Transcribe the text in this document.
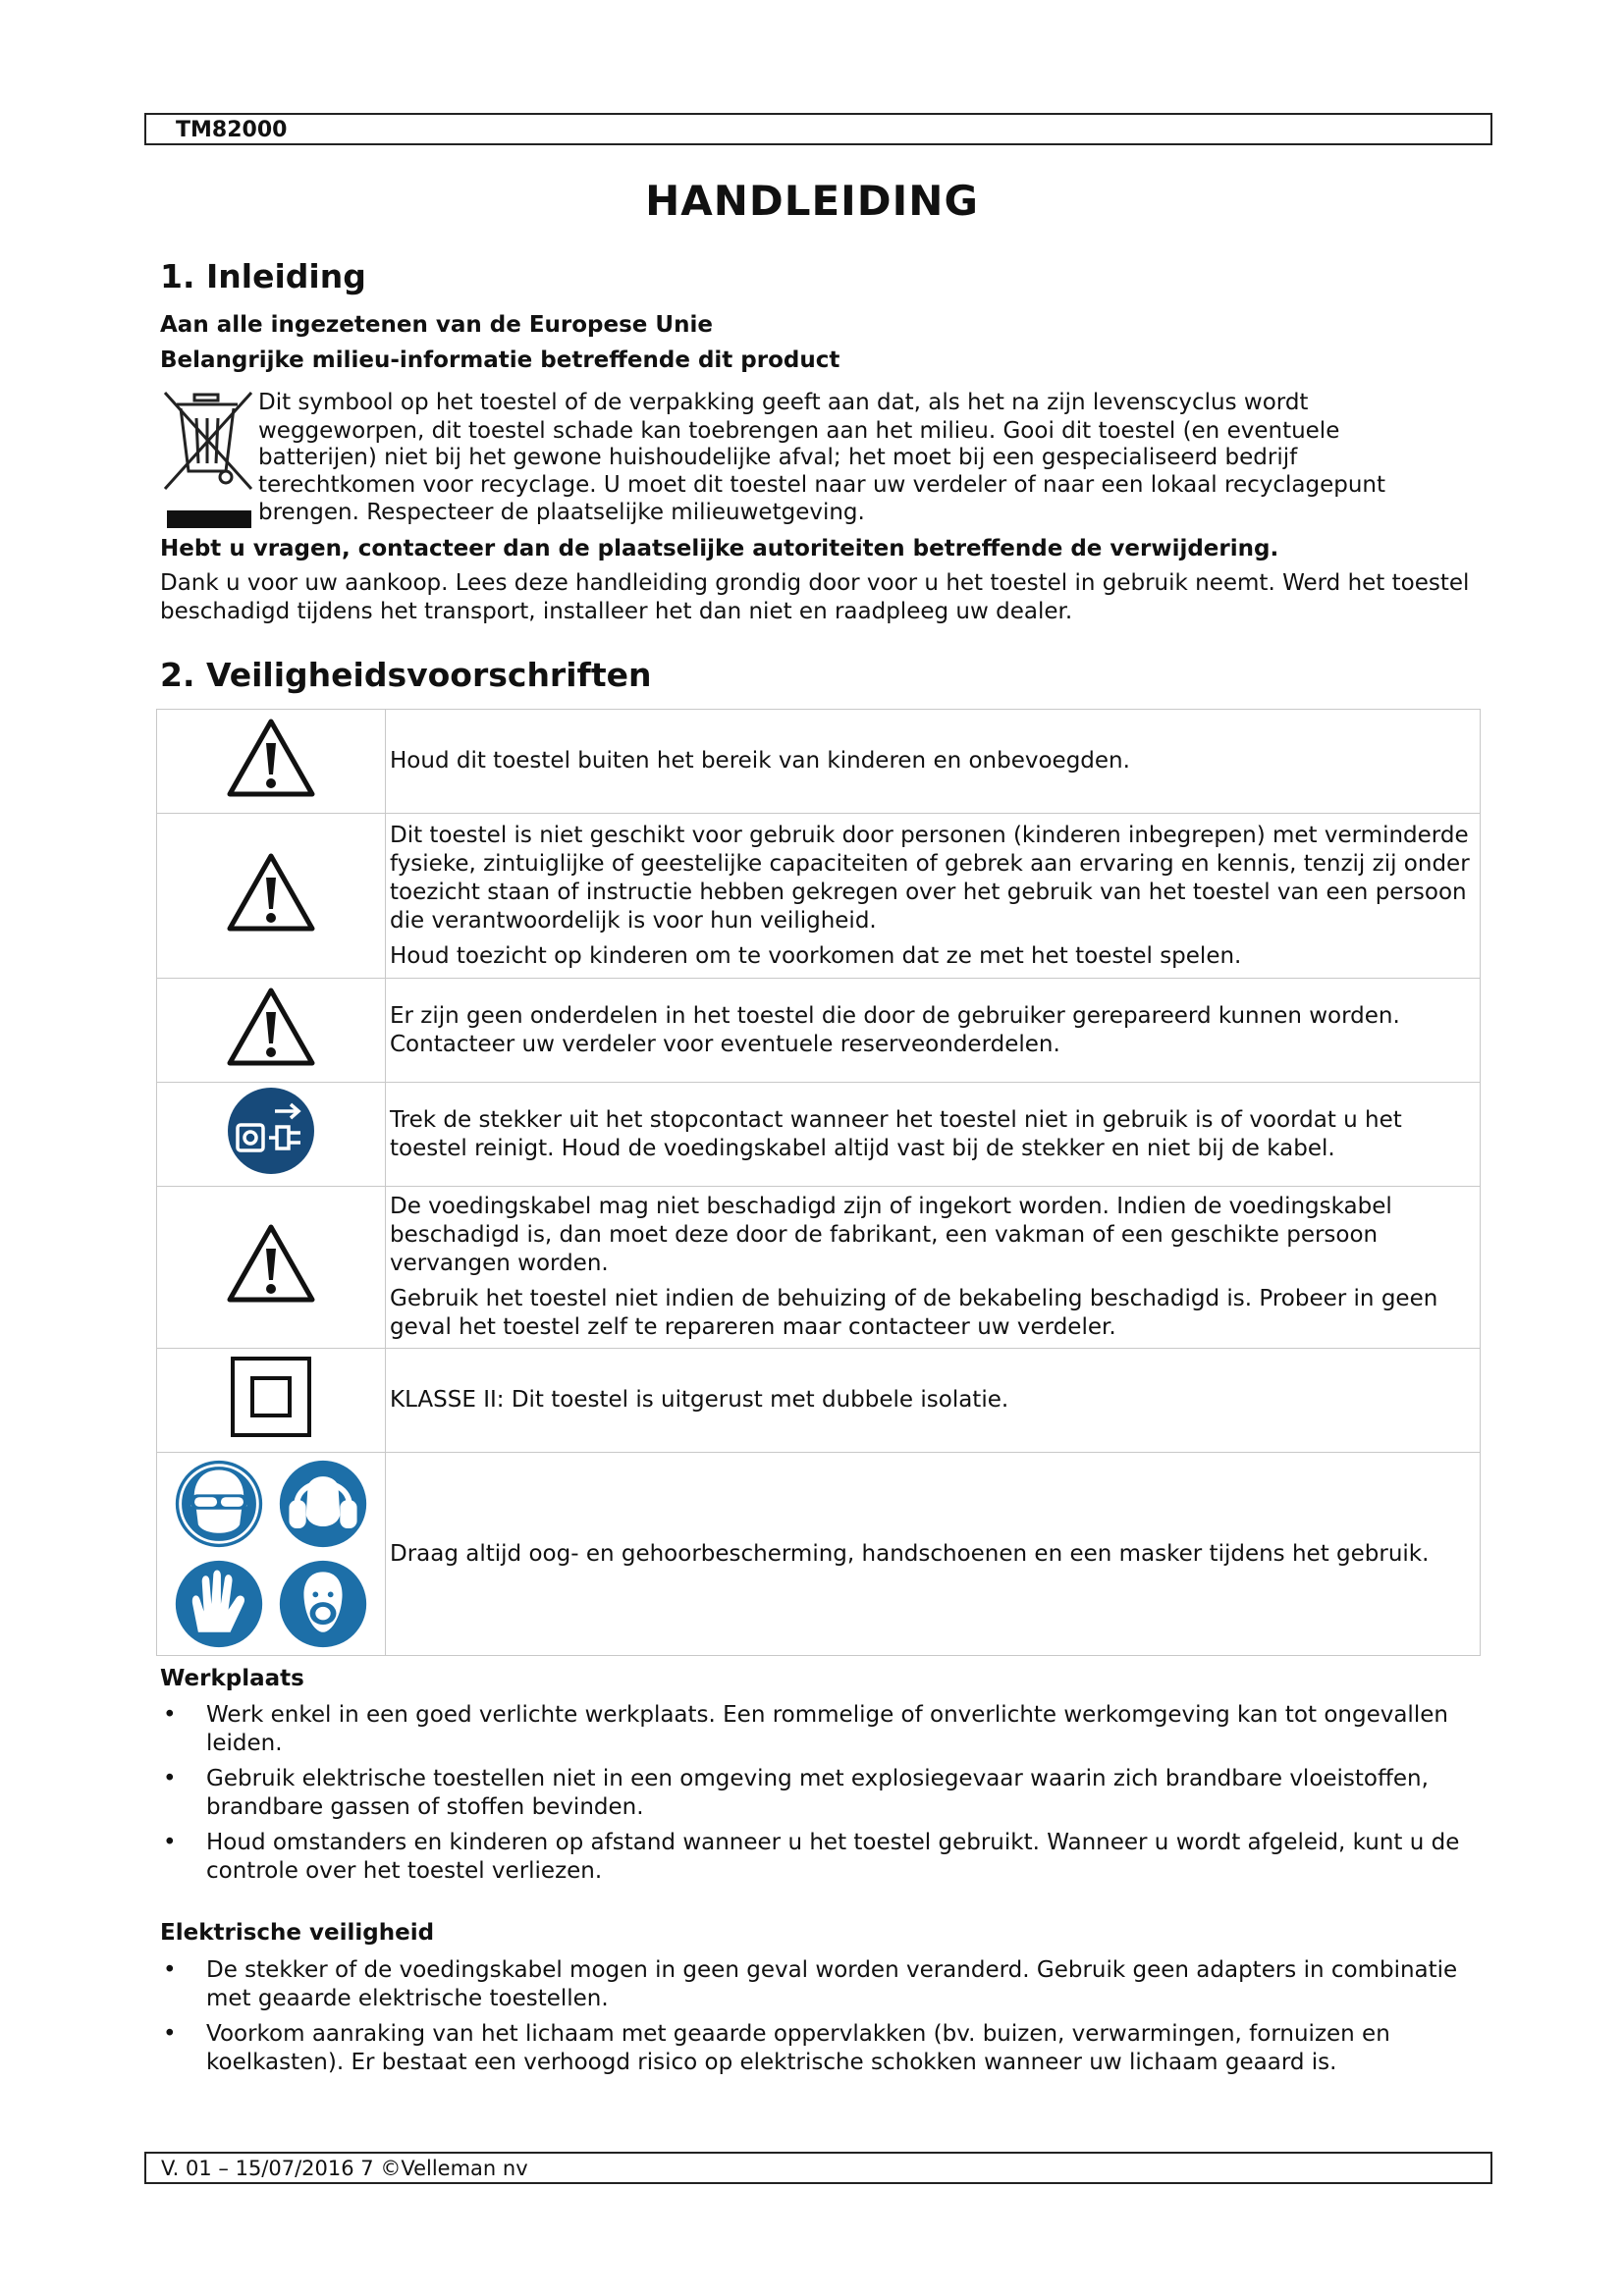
TM82000
HANDLEIDING
1. Inleiding
Aan alle ingezetenen van de Europese Unie
Belangrijke milieu-informatie betreffende dit product
Dit symbool op het toestel of de verpakking geeft aan dat, als het na zijn levenscyclus wordt
weggeworpen, dit toestel schade kan toebrengen aan het milieu. Gooi dit toestel (en eventuele
batterijen) niet bij het gewone huishoudelijke afval; het moet bij een gespecialiseerd bedrijf
terechtkomen voor recyclage. U moet dit toestel naar uw verdeler of naar een lokaal recyclagepunt
brengen. Respecteer de plaatselijke milieuwetgeving.
Hebt u vragen, contacteer dan de plaatselijke autoriteiten betreffende de verwijdering.
Dank u voor uw aankoop. Lees deze handleiding grondig door voor u het toestel in gebruik neemt. Werd het toestel beschadigd tijdens het transport, installeer het dan niet en raadpleeg uw dealer.
2. Veiligheidsvoorschriften

Houd dit toestel buiten het bereik van kinderen en onbevoegden.

Dit toestel is niet geschikt voor gebruik door personen (kinderen inbegrepen) met verminderde fysieke, zintuiglijke of geestelijke capaciteiten of gebrek aan ervaring en kennis, tenzij zij onder toezicht staan of instructie hebben gekregen over het gebruik van het toestel van een persoon die verantwoordelijk is voor hun veiligheid.

Houd toezicht op kinderen om te voorkomen dat ze met het toestel spelen.

Er zijn geen onderdelen in het toestel die door de gebruiker gerepareerd kunnen worden. Contacteer uw verdeler voor eventuele reserveonderdelen.

Trek de stekker uit het stopcontact wanneer het toestel niet in gebruik is of voordat u het toestel reinigt. Houd de voedingskabel altijd vast bij de stekker en niet bij de kabel.

De voedingskabel mag niet beschadigd zijn of ingekort worden. Indien de voedingskabel beschadigd is, dan moet deze door de fabrikant, een vakman of een geschikte persoon vervangen worden.

Gebruik het toestel niet indien de behuizing of de bekabeling beschadigd is. Probeer in geen geval het toestel zelf te repareren maar contacteer uw verdeler.

KLASSE II: Dit toestel is uitgerust met dubbele isolatie.

Draag altijd oog- en gehoorbescherming, handschoenen en een masker tijdens het gebruik.

Werkplaats
• Werk enkel in een goed verlichte werkplaats. Een rommelige of onverlichte werkomgeving kan tot ongevallen leiden.
• Gebruik elektrische toestellen niet in een omgeving met explosiegevaar waarin zich brandbare vloeistoffen, brandbare gassen of stoffen bevinden.
• Houd omstanders en kinderen op afstand wanneer u het toestel gebruikt. Wanneer u wordt afgeleid, kunt u de controle over het toestel verliezen.
Elektrische veiligheid
• De stekker of de voedingskabel mogen in geen geval worden veranderd. Gebruik geen adapters in combinatie met geaarde elektrische toestellen.
• Voorkom aanraking van het lichaam met geaarde oppervlakken (bv. buizen, verwarmingen, fornuizen en koelkasten). Er bestaat een verhoogd risico op elektrische schokken wanneer uw lichaam geaard is.
V. 01 – 15/07/2016 7 ©Velleman nv
